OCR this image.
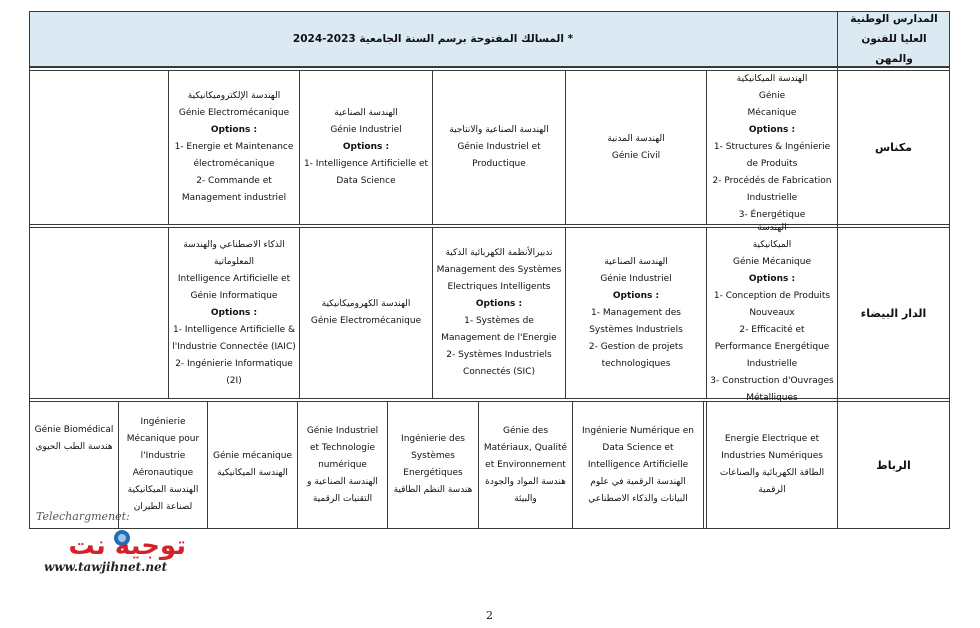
المسالك المفتوحة برسم السنة الجامعية 2023-2024 *
المدارس الوطنية العليا للفنون والمهن
مكناس
الهندسة الميكانيكية
Génie
Mécanique
Options :
1- Structures & Ingénierie de Produits
2- Procédés de Fabrication Industrielle
3- Énergétique
الهندسة المدنية
Génie Civil
الهندسة الصناعية والانتاجية
Génie Industriel et Productique
الهندسة الصناعية
Génie Industriel
Options :
1- Intelligence Artificielle et Data Science
الهندسة الإلكتروميكانيكية
Génie Electromécanique
Options :
1- Energie et Maintenance électromécanique
2- Commande et Management industriel
الدار البيضاء
الهندسة
الميكانيكية
Génie Mécanique
Options :
1- Conception de Produits Nouveaux
2- Efficacité et Performance Energétique Industrielle
3- Construction d'Ouvrages Métalliques
الهندسة الصناعية
Génie Industriel
Options :
1- Management des Systèmes Industriels
2- Gestion de projets technologiques
تدبيرالأنظمة الكهربائية الذكية
Management des Systèmes Electriques Intelligents
Options :
1- Systèmes de Management de l'Energie
2- Systèmes Industriels Connectés (SIC)
الهندسة الكهروميكانيكية
Génie Electromécanique
الذكاء الاصطناعي والهندسة المعلوماتية
Intelligence Artificielle et Génie Informatique
Options :
1- Intelligence Artificielle & l'Industrie Connectée (IAIC)
2- Ingénierie Informatique (2I)
الرباط
Energie Electrique et Industries Numériques
الطاقة الكهربائية والصناعات الرقمية
Ingénierie Numérique en Data Science et Intelligence Artificielle الهندسة الرقمية في علوم البيانات والذكاء الاصطناعي
Génie des Matériaux, Qualité et Environnement
هندسة المواد والجودة والبيئة
Ingénierie des Systèmes Energétiques
هندسة النظم الطاقية
Génie Industriel et Technologie numérique
الهندسة الصناعية و التقنيات الرقمية
Génie mécanique
الهندسة الميكانيكية
Ingénierie Mécanique pour l'Industrie Aéronautique
الهندسة الميكانيكية لصناعة الطيران
Génie Biomédical
هندسة الطب الحيوي
Telechargmenet:
توجيه نت
www.tawjihnet.net
2
